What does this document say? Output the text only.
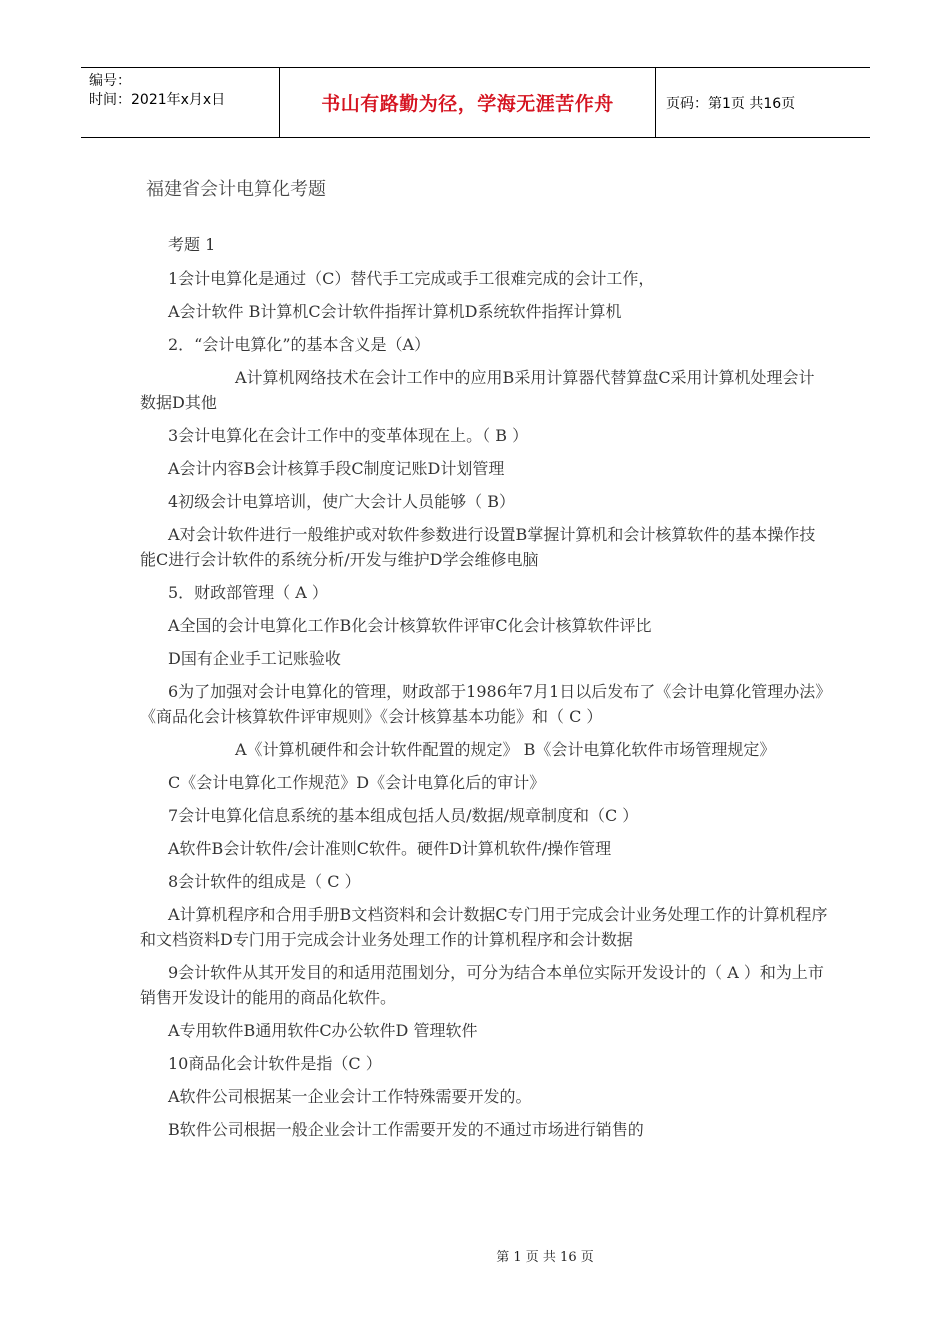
编号：
时间：2021年x月x日	书山有路勤为径，学海无涯苦作舟	页码：第1页 共16页
福建省会计电算化考题

考题 1

1会计电算化是通过（C）替代手工完成或手工很难完成的会计工作，

A会计软件 B计算机C会计软件指挥计算机D系统软件指挥计算机

2．“会计电算化”的基本含义是（A）

A计算机网络技术在会计工作中的应用B采用计算器代替算盘C采用计算机处理会计数据D其他

3会计电算化在会计工作中的变革体现在上。（ B ）

A会计内容B会计核算手段C制度记账D计划管理

4初级会计电算培训，使广大会计人员能够（ B）

A对会计软件进行一般维护或对软件参数进行设置B掌握计算机和会计核算软件的基本操作技能C进行会计软件的系统分析/开发与维护D学会维修电脑

5．财政部管理（ A ）

A全国的会计电算化工作B化会计核算软件评审C化会计核算软件评比

D国有企业手工记账验收

6为了加强对会计电算化的管理，财政部于1986年7月1日以后发布了《会计电算化管理办法》《商品化会计核算软件评审规则》《会计核算基本功能》和（ C ）

A《计算机硬件和会计软件配置的规定》 B《会计电算化软件市场管理规定》

C《会计电算化工作规范》D《会计电算化后的审计》

7会计电算化信息系统的基本组成包括人员/数据/规章制度和（C ）

A软件B会计软件/会计准则C软件。硬件D计算机软件/操作管理

8会计软件的组成是（ C ）

A计算机程序和合用手册B文档资料和会计数据C专门用于完成会计业务处理工作的计算机程序和文档资料D专门用于完成会计业务处理工作的计算机程序和会计数据

9会计软件从其开发目的和适用范围划分，可分为结合本单位实际开发设计的（ A ）和为上市销售开发设计的能用的商品化软件。

A专用软件B通用软件C办公软件D 管理软件

10商品化会计软件是指（C ）

A软件公司根据某一企业会计工作特殊需要开发的。

B软件公司根据一般企业会计工作需要开发的不通过市场进行销售的

第 1 页 共 16 页
